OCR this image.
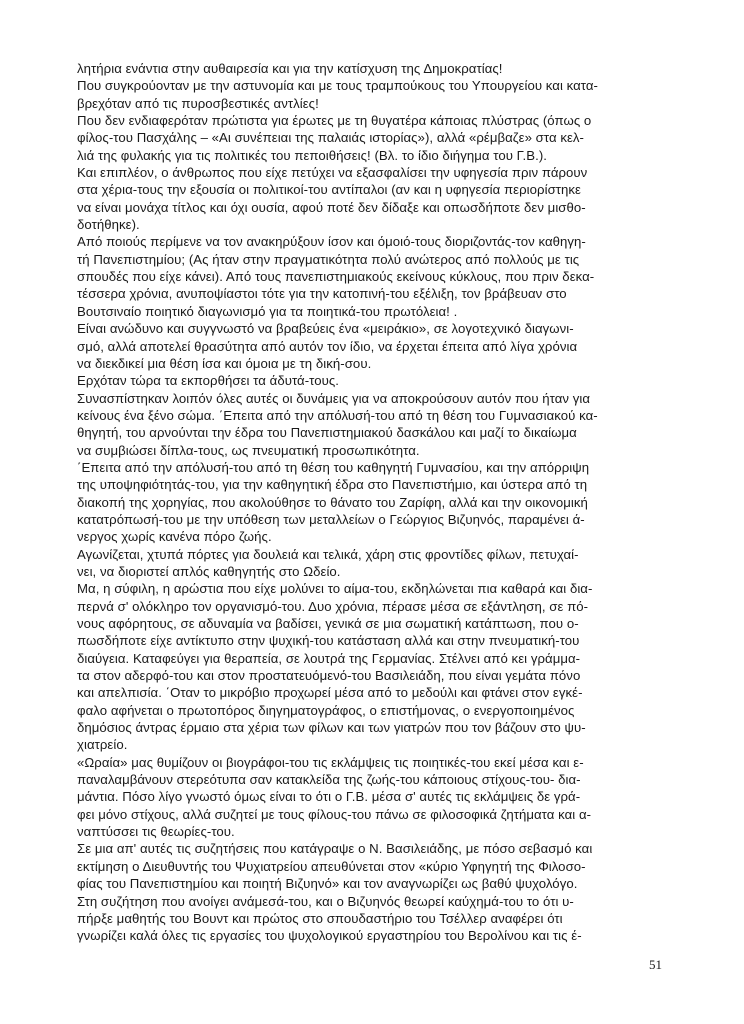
λητήρια ενάντια στην αυθαιρεσία και για την κατίσχυση της Δημοκρατίας!
Που συγκρούονταν με την αστυνομία και με τους τραμπούκους του Υπουργείου και κατα-
βρεχόταν από τις πυροσβεστικές αντλίες!
Που δεν ενδιαφερόταν πρώτιστα για έρωτες με τη θυγατέρα κάποιας πλύστρας (όπως ο
φίλος-του Πασχάλης – «Αι συνέπειαι της παλαιάς ιστορίας»), αλλά «ρέμβαζε» στα κελ-
λιά της φυλακής για τις πολιτικές του πεποιθήσεις! (Βλ. το ίδιο διήγημα του Γ.Β.).
Και επιπλέον, ο άνθρωπος που είχε πετύχει να εξασφαλίσει την υφηγεσία πριν πάρουν
στα χέρια-τους την εξουσία οι πολιτικοί-του αντίπαλοι (αν και η υφηγεσία περιορίστηκε
να είναι μονάχα τίτλος και όχι ουσία, αφού ποτέ δεν δίδαξε και οπωσδήποτε δεν μισθο-
δοτήθηκε).
Από ποιούς περίμενε να τον ανακηρύξουν ίσον και όμοιό-τους διοριζοντάς-τον καθηγη-
τή Πανεπιστημίου; (Ας ήταν στην πραγματικότητα πολύ ανώτερος από πολλούς με τις
σπουδές που είχε κάνει). Από τους πανεπιστημιακούς εκείνους κύκλους, που πριν δεκα-
τέσσερα χρόνια, ανυποψίαστοι τότε για την κατοπινή-του εξέλιξη, τον βράβευαν στο
Βουτσιναίο ποιητικό διαγωνισμό για τα ποιητικά-του πρωτόλεια! .
Είναι ανώδυνο και συγγνωστό να βραβεύεις ένα «μειράκιο», σε λογοτεχνικό διαγωνι-
σμό, αλλά αποτελεί θρασύτητα από αυτόν τον ίδιο, να έρχεται έπειτα από λίγα χρόνια
να διεκδικεί μια θέση ίσα και όμοια με τη δική-σου.
Ερχόταν τώρα τα εκπορθήσει τα άδυτά-τους.
Συνασπίστηκαν λοιπόν όλες αυτές οι δυνάμεις για να αποκρούσουν αυτόν που ήταν για
κείνους ένα ξένο σώμα. ΄Επειτα από την απόλυσή-του από τη θέση του Γυμνασιακού κα-
θηγητή, του αρνούνται την έδρα του Πανεπιστημιακού δασκάλου και μαζί το δικαίωμα
να συμβιώσει δίπλα-τους, ως πνευματική προσωπικότητα.
΄Επειτα από την απόλυσή-του από τη θέση του καθηγητή Γυμνασίου, και την απόρριψη
της υποψηφιότητάς-του, για την καθηγητική έδρα στο Πανεπιστήμιο, και ύστερα από τη
διακοπή της χορηγίας, που ακολούθησε το θάνατο του Ζαρίφη, αλλά και την οικονομική
κατατρόπωσή-του με την υπόθεση των μεταλλείων ο Γεώργιος Βιζυηνός, παραμένει ά-
νεργος χωρίς κανένα πόρο ζωής.
Αγωνίζεται, χτυπά πόρτες για δουλειά και τελικά, χάρη στις φροντίδες φίλων, πετυχαί-
νει, να διοριστεί απλός καθηγητής στο Ωδείο.
Μα, η σύφιλη, η αρώστια που είχε μολύνει το αίμα-του, εκδηλώνεται πια καθαρά και δια-
περνά σ' ολόκληρο τον οργανισμό-του. Δυο χρόνια, πέρασε μέσα σε εξάντληση, σε πό-
νους αφόρητους, σε αδυναμία να βαδίσει, γενικά σε μια σωματική κατάπτωση, που ο-
πωσδήποτε είχε αντίκτυπο στην ψυχική-του κατάσταση αλλά και στην πνευματική-του
διαύγεια. Καταφεύγει για θεραπεία, σε λουτρά της Γερμανίας. Στέλνει από κει γράμμα-
τα στον αδερφό-του και στον προστατευόμενό-του Βασιλειάδη, που είναι γεμάτα πόνο
και απελπισία. ΄Οταν το μικρόβιο προχωρεί μέσα από το μεδούλι και φτάνει στον εγκέ-
φαλο αφήνεται ο πρωτοπόρος διηγηματογράφος, ο επιστήμονας, ο ενεργοποιημένος
δημόσιος άντρας έρμαιο στα χέρια των φίλων και των γιατρών που τον βάζουν στο ψυ-
χιατρείο.
«Ωραία» μας θυμίζουν οι βιογράφοι-του τις εκλάμψεις τις ποιητικές-του εκεί μέσα και ε-
παναλαμβάνουν στερεότυπα σαν κατακλείδα της ζωής-του κάποιους στίχους-του- δια-
μάντια. Πόσο λίγο γνωστό όμως είναι το ότι ο Γ.Β. μέσα σ' αυτές τις εκλάμψεις δε γρά-
φει μόνο στίχους, αλλά συζητεί με τους φίλους-του πάνω σε φιλοσοφικά ζητήματα και α-
ναπτύσσει τις θεωρίες-του.
Σε μια απ' αυτές τις συζητήσεις που κατάγραψε ο Ν. Βασιλειάδης, με πόσο σεβασμό και
εκτίμηση ο Διευθυντής του Ψυχιατρείου απευθύνεται στον «κύριο Υφηγητή της Φιλοσο-
φίας του Πανεπιστημίου και ποιητή Βιζυηνό» και τον αναγνωρίζει ως βαθύ ψυχολόγο.
Στη συζήτηση που ανοίγει ανάμεσά-του, και ο Βιζυηνός θεωρεί καύχημά-του το ότι υ-
πήρξε μαθητής του Βουντ και πρώτος στο σπουδαστήριο του Τσέλλερ αναφέρει ότι
γνωρίζει καλά όλες τις εργασίες του ψυχολογικού εργαστηρίου του Βερολίνου και τις έ-
51
